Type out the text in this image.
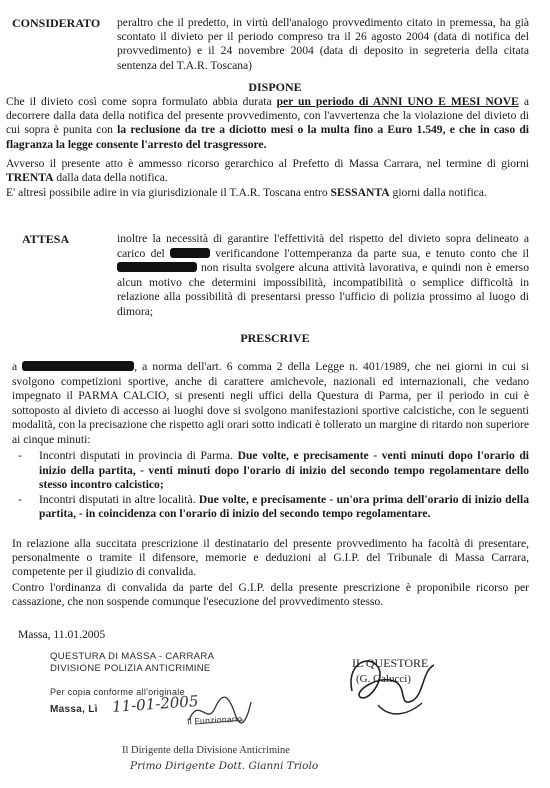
CONSIDERATO peraltro che il predetto, in virtù dell'analogo provvedimento citato in premessa, ha già scontato il divieto per il periodo compreso tra il 26 agosto 2004 (data di notifica del provvedimento) e il 24 novembre 2004 (data di deposito in segreteria della citata sentenza del T.A.R. Toscana)
DISPONE
Che il divieto così come sopra formulato abbia durata per un periodo di ANNI UNO E MESI NOVE a decorrere dalla data della notifica del presente provvedimento, con l'avvertenza che la violazione del divieto di cui sopra è punita con la reclusione da tre a diciotto mesi o la multa fino a Euro 1.549, e che in caso di flagranza la legge consente l'arresto del trasgressore.
Avverso il presente atto è ammesso ricorso gerarchico al Prefetto di Massa Carrara, nel termine di giorni TRENTA dalla data della notifica.
E' altresì possibile adire in via giurisdizionale il T.A.R. Toscana entro SESSANTA giorni dalla notifica.
ATTESA	inoltre la necessità di garantire l'effettività del rispetto del divieto sopra delineato a carico del	verificandone l'ottemperanza da parte sua, e tenuto conto che il  non risulta svolgere alcuna attività lavorativa, e quindi non è emerso alcun motivo che determini impossibilità, incompatibilità o semplice difficoltà in relazione alla possibilità di presentarsi presso l'ufficio di polizia prossimo al luogo di dimora;
PRESCRIVE
a	, a norma dell'art. 6 comma 2 della Legge n. 401/1989, che nei giorni in cui si svolgono competizioni sportive, anche di carattere amichevole, nazionali ed internazionali, che vedano impegnato il PARMA CALCIO, si presenti negli uffici della Questura di Parma, per il periodo in cui è sottoposto al divieto di accesso ai luoghi dove si svolgono manifestazioni sportive calcistiche, con le seguenti modalità, con la precisazione che rispetto agli orari sotto indicati è tollerato un margine di ritardo non superiore ai cinque minuti:
- Incontri disputati in provincia di Parma. Due volte, e precisamente - venti minuti dopo l'orario di inizio della partita, - venti minuti dopo l'orario di inizio del secondo tempo regolamentare dello stesso incontro calcistico;
- Incontri disputati in altre località. Due volte, e precisamente - un'ora prima dell'orario di inizio della partita, - in coincidenza con l'orario di inizio del secondo tempo regolamentare.
In relazione alla succitata prescrizione il destinatario del presente provvedimento ha facoltà di presentare, personalmente o tramite il difensore, memorie e deduzioni al G.I.P. del Tribunale di Massa Carrara, competente per il giudizio di convalida.
Contro l'ordinanza di convalida da parte del G.I.P. della presente prescrizione è proponibile ricorso per cassazione, che non sospende comunque l'esecuzione del provvedimento stesso.
Massa, 11.01.2005
QUESTURA DI MASSA - CARRARA
DIVISIONE POLIZIA ANTICRIMINE
Per copia conforme all'originale
Massa, Lì 11-01-2005
Il Funzionario
Il Dirigente della Divisione Anticrimine
Primo Dirigente Dott. Gianni Triolo
IL QUESTORE
(G. Galucci)
